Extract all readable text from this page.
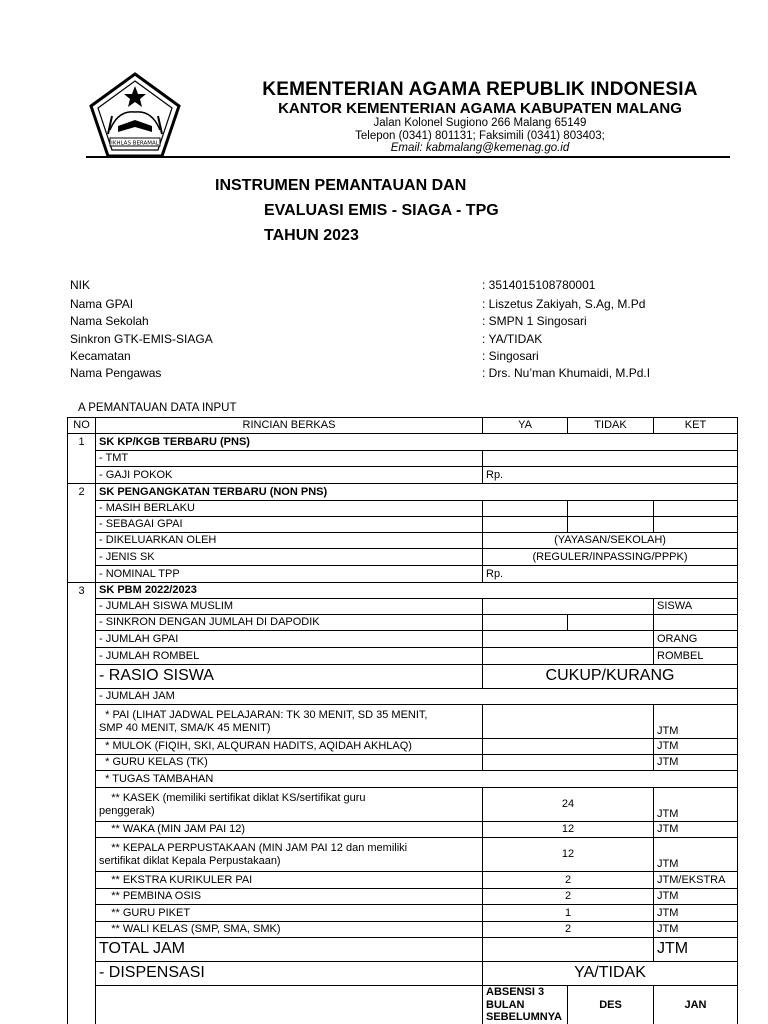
IKHLAS BERAMAL
KEMENTERIAN AGAMA REPUBLIK INDONESIA
KANTOR KEMENTERIAN AGAMA KABUPATEN MALANG
Jalan Kolonel Sugiono 266 Malang 65149
Telepon (0341) 801131; Faksimili (0341) 803403;
Email: kabmalang@kemenag.go.id
INSTRUMEN PEMANTAUAN DAN
EVALUASI EMIS - SIAGA - TPG
TAHUN 2023
NIK	: 3514015108780001
Nama GPAI	: Liszetus Zakiyah, S.Ag, M.Pd
Nama Sekolah	: SMPN 1 Singosari
Sinkron GTK-EMIS-SIAGA	: YA/TIDAK
Kecamatan	: Singosari
Nama Pengawas	: Drs. Nu’man Khumaidi, M.Pd.I
A PEMANTAUAN DATA INPUT
NO	RINCIAN BERKAS	YA	TIDAK	KET	
1	SK KP/KGB TERBARU (PNS)				
	- TMT				
	- GAJI POKOK	Rp.			
2	SK PENGANGKATAN TERBARU (NON PNS)				
	- MASIH BERLAKU				
	- SEBAGAI GPAI				
	- DIKELUARKAN OLEH	(YAYASAN/SEKOLAH)			
	- JENIS SK	(REGULER/INPASSING/PPPK)			
	- NOMINAL TPP	Rp.			
3	SK PBM 2022/2023				
	- JUMLAH SISWA MUSLIM			SISWA	
	- SINKRON DENGAN JUMLAH DI DAPODIK				
	- JUMLAH GPAI			ORANG	
	- JUMLAH ROMBEL			ROMBEL	
	- RASIO SISWA	CUKUP/KURANG			
	- JUMLAH JAM				
	* PAI (LIHAT JADWAL PELAJARAN: TK 30 MENIT, SD 35 MENIT,
SMP 40 MENIT, SMA/K 45 MENIT)			JTM	
	* MULOK (FIQIH, SKI, ALQURAN HADITS, AQIDAH AKHLAQ)			JTM	
	* GURU KELAS (TK)			JTM	
	* TUGAS TAMBAHAN				
	** KASEK (memiliki sertifikat diklat KS/sertifikat guru
penggerak)	24		JTM	
	** WAKA (MIN JAM PAI 12)	12		JTM	
	** KEPALA PERPUSTAKAAN (MIN JAM PAI 12 dan memiliki
sertifikat diklat Kepala Perpustakaan)	12		JTM	
	** EKSTRA KURIKULER PAI	2		JTM/EKSTRA	
	** PEMBINA OSIS	2		JTM	
	** GURU PIKET	1		JTM	
	** WALI KELAS (SMP, SMA, SMK)	2		JTM	
	TOTAL JAM			JTM	
	- DISPENSASI	YA/TIDAK			
		ABSENSI 3 BULAN SEBELUMNYA	DES	JAN	
